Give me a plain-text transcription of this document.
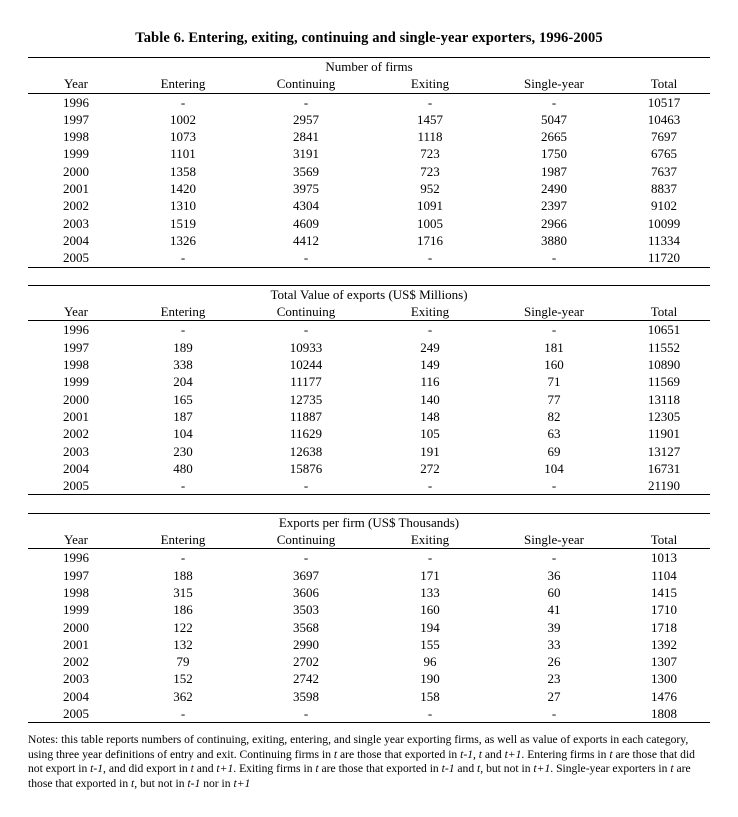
Table 6. Entering, exiting, continuing and single-year exporters, 1996-2005
Number of firms					
Year	Entering	Continuing	Exiting	Single-year	Total
1996	-	-	-	-	10517
1997	1002	2957	1457	5047	10463
1998	1073	2841	1118	2665	7697
1999	1101	3191	723	1750	6765
2000	1358	3569	723	1987	7637
2001	1420	3975	952	2490	8837
2002	1310	4304	1091	2397	9102
2003	1519	4609	1005	2966	10099
2004	1326	4412	1716	3880	11334
2005	-	-	-	-	11720

Total Value of exports (US$ Millions)					
Year	Entering	Continuing	Exiting	Single-year	Total
1996	-	-	-	-	10651
1997	189	10933	249	181	11552
1998	338	10244	149	160	10890
1999	204	11177	116	71	11569
2000	165	12735	140	77	13118
2001	187	11887	148	82	12305
2002	104	11629	105	63	11901
2003	230	12638	191	69	13127
2004	480	15876	272	104	16731
2005	-	-	-	-	21190

Exports per firm (US$ Thousands)					
Year	Entering	Continuing	Exiting	Single-year	Total
1996	-	-	-	-	1013
1997	188	3697	171	36	1104
1998	315	3606	133	60	1415
1999	186	3503	160	41	1710
2000	122	3568	194	39	1718
2001	132	2990	155	33	1392
2002	79	2702	96	26	1307
2003	152	2742	190	23	1300
2004	362	3598	158	27	1476
2005	-	-	-	-	1808
Notes: this table reports numbers of continuing, exiting, entering, and single year exporting firms, as well as value of exports in each category, using three year definitions of entry and exit. Continuing firms in t are those that exported in t-1, t and t+1. Entering firms in t are those that did not export in t-1, and did export in t and t+1. Exiting firms in t are those that exported in t-1 and t, but not in t+1. Single-year exporters in t are those that exported in t, but not in t-1 nor in t+1
